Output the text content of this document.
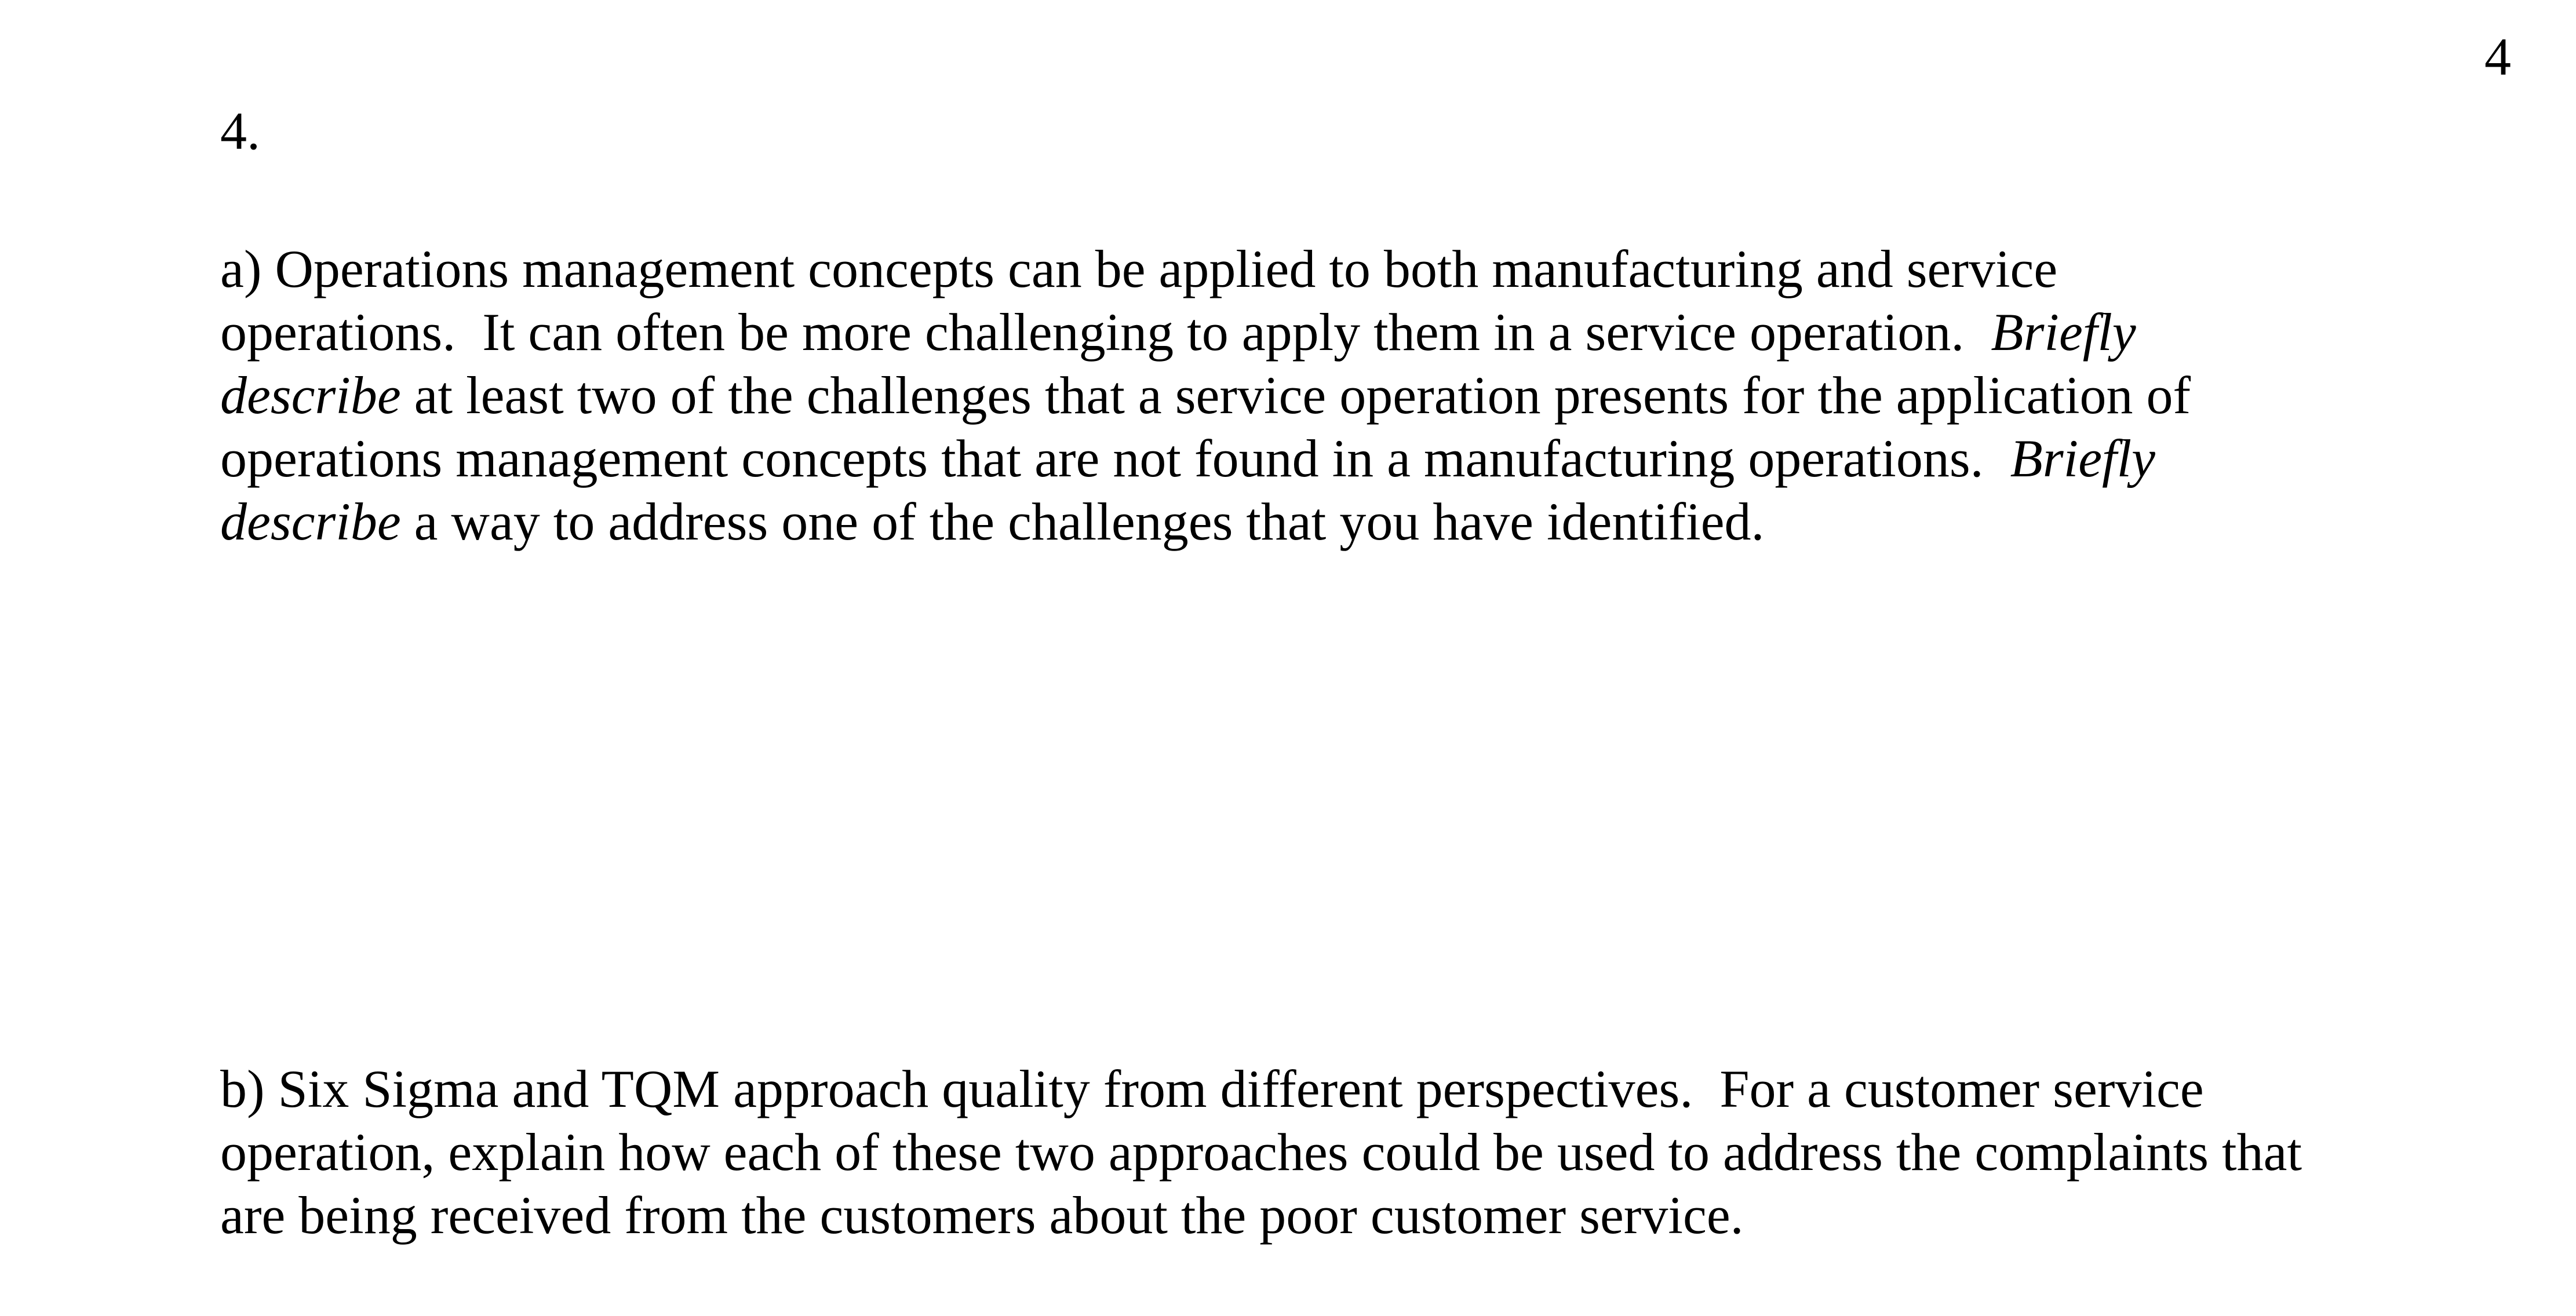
4
4.
a) Operations management concepts can be applied to both manufacturing and service
operations.  It can often be more challenging to apply them in a service operation.  Briefly
describe at least two of the challenges that a service operation presents for the application of
operations management concepts that are not found in a manufacturing operations.  Briefly
describe a way to address one of the challenges that you have identified.
b) Six Sigma and TQM approach quality from different perspectives.  For a customer service
operation, explain how each of these two approaches could be used to address the complaints that
are being received from the customers about the poor customer service.
